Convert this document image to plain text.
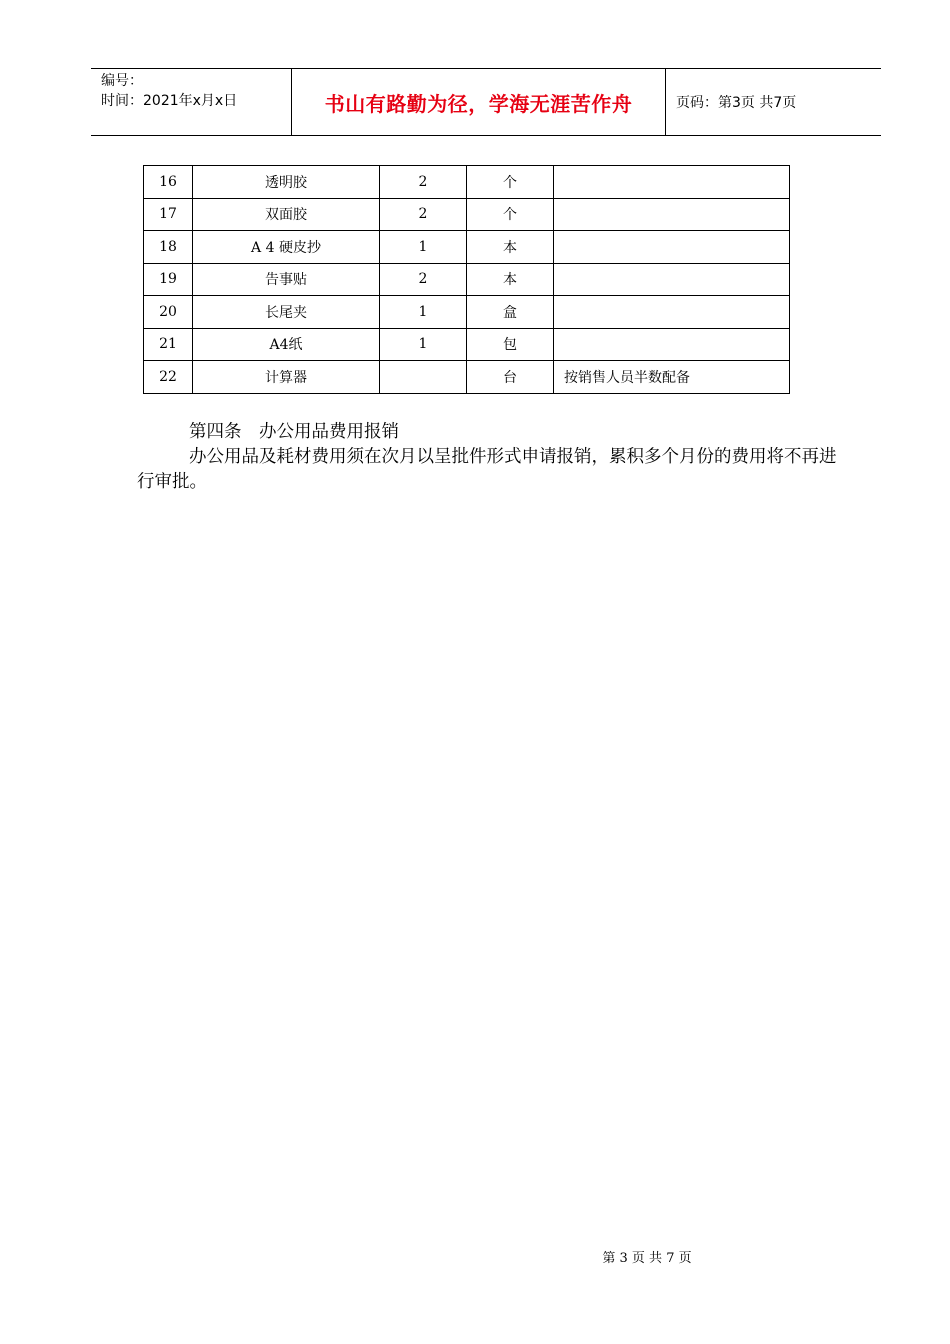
编号：
时间：2021年x月x日	书山有路勤为径，学海无涯苦作舟	页码：第3页 共7页
16	透明胶	2	个	
17	双面胶	2	个	
18	A 4 硬皮抄	1	本	
19	告事贴	2	本	
20	长尾夹	1	盒	
21	A4纸	1	包	
22	计算器		台	按销售人员半数配备

第四条　办公用品费用报销

办公用品及耗材费用须在次月以呈批件形式申请报销，累积多个月份的费用将不再进行审批。

第 3 页 共 7 页
